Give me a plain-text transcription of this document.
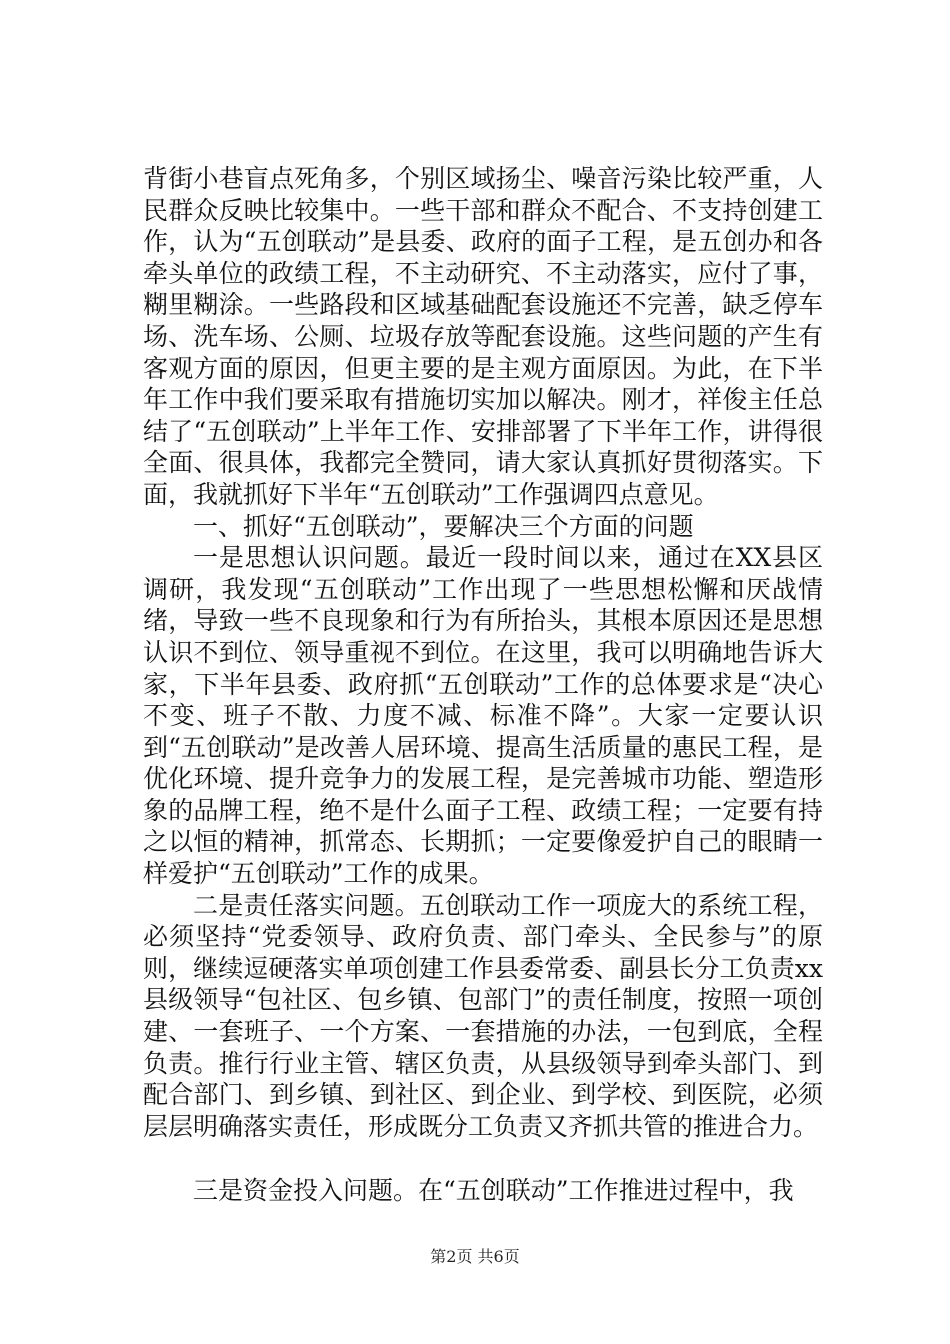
背街小巷盲点死角多，个别区域扬尘、噪音污染比较严重，人民群众反映比较集中。一些干部和群众不配合、不支持创建工作，认为“五创联动”是县委、政府的面子工程，是五创办和各牵头单位的政绩工程，不主动研究、不主动落实，应付了事，糊里糊涂。一些路段和区域基础配套设施还不完善，缺乏停车场、洗车场、公厕、垃圾存放等配套设施。这些问题的产生有客观方面的原因，但更主要的是主观方面原因。为此，在下半年工作中我们要采取有措施切实加以解决。刚才，祥俊主任总结了“五创联动”上半年工作、安排部署了下半年工作，讲得很全面、很具体，我都完全赞同，请大家认真抓好贯彻落实。下面，我就抓好下半年“五创联动”工作强调四点意见。

一、抓好“五创联动”，要解决三个方面的问题

一是思想认识问题。最近一段时间以来，通过在XX县区调研，我发现“五创联动”工作出现了一些思想松懈和厌战情绪，导致一些不良现象和行为有所抬头，其根本原因还是思想认识不到位、领导重视不到位。在这里，我可以明确地告诉大家，下半年县委、政府抓“五创联动”工作的总体要求是“决心不变、班子不散、力度不减、标准不降”。大家一定要认识到“五创联动”是改善人居环境、提高生活质量的惠民工程，是优化环境、提升竞争力的发展工程，是完善城市功能、塑造形象的品牌工程，绝不是什么面子工程、政绩工程；一定要有持之以恒的精神，抓常态、长期抓；一定要像爱护自己的眼睛一样爱护“五创联动”工作的成果。

二是责任落实问题。五创联动工作一项庞大的系统工程，必须坚持“党委领导、政府负责、部门牵头、全民参与”的原则，继续逗硬落实单项创建工作县委常委、副县长分工负责xx县级领导“包社区、包乡镇、包部门”的责任制度，按照一项创建、一套班子、一个方案、一套措施的办法，一包到底，全程负责。推行行业主管、辖区负责，从县级领导到牵头部门、到配合部门、到乡镇、到社区、到企业、到学校、到医院，必须层层明确落实责任，形成既分工负责又齐抓共管的推进合力。

三是资金投入问题。在“五创联动”工作推进过程中，我

第2页 共6页
